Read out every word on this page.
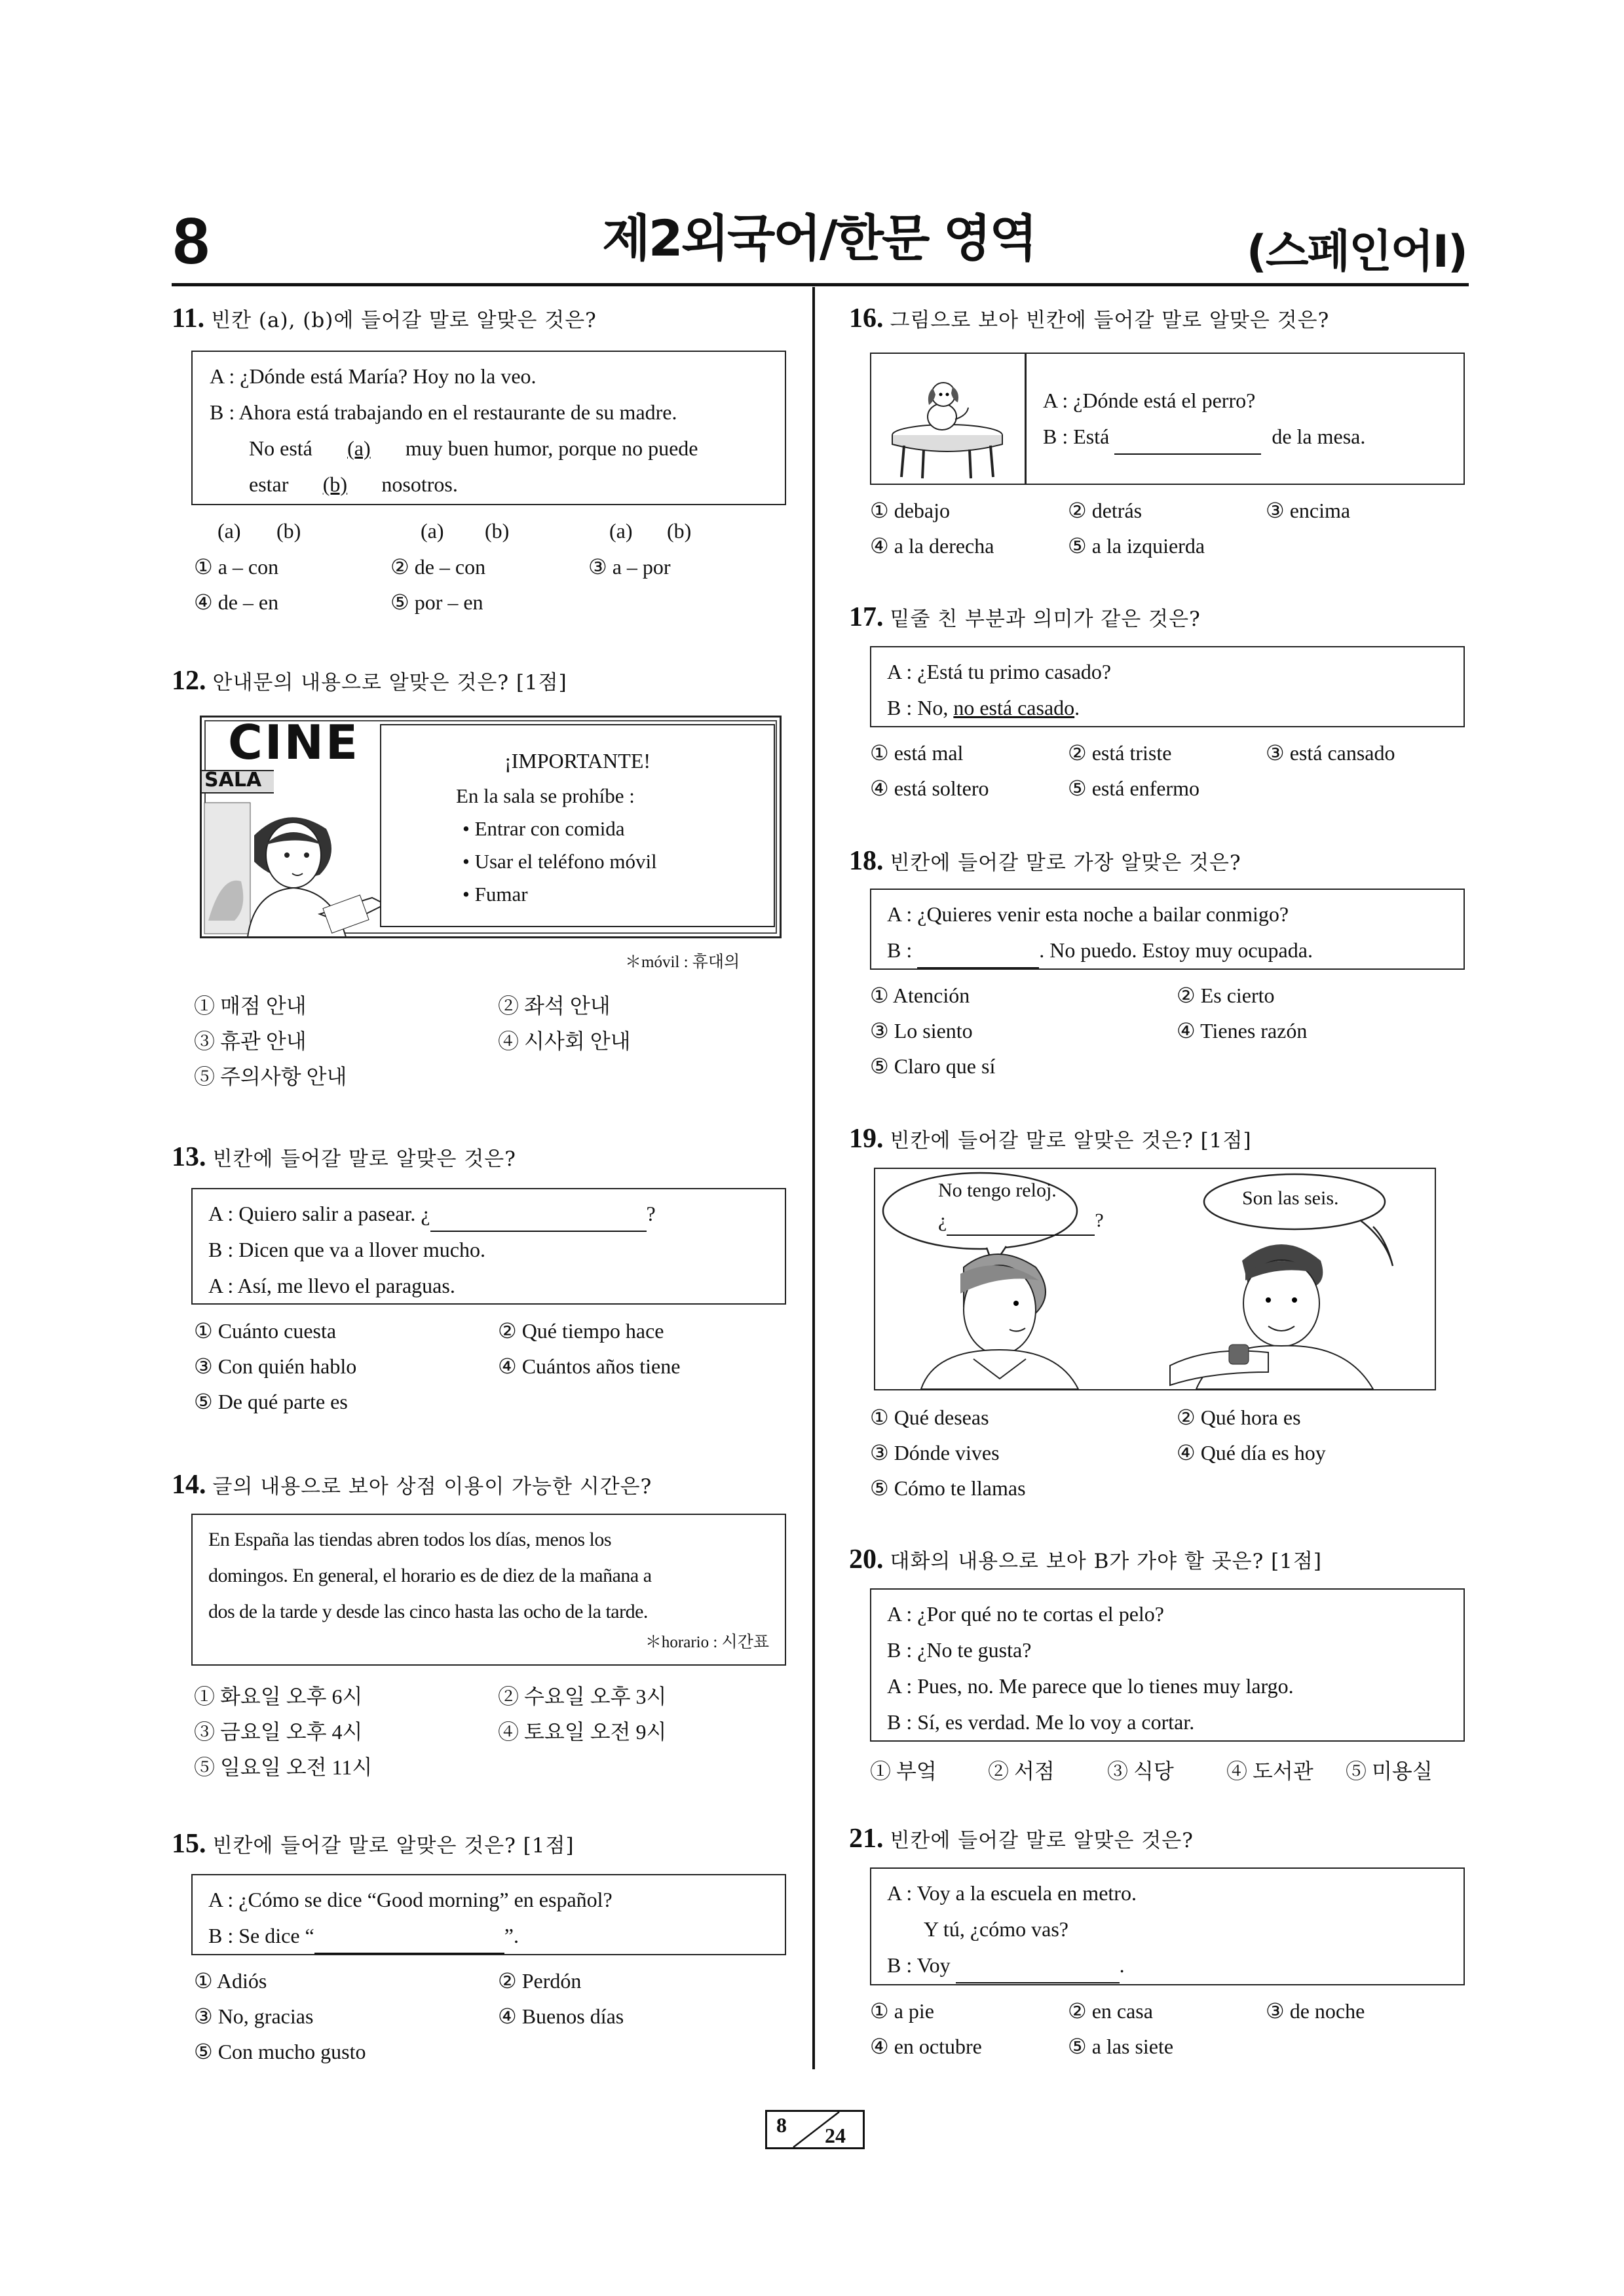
8	제2외국어/한문 영역	(스페인어Ⅰ)
11. 빈칸 (a), (b)에 들어갈 말로 알맞은 것은?
A : ¿Dónde está María? Hoy no la veo.
B : Ahora está trabajando en el restaurante de su madre.
No está (a) muy buen humor, porque no puede
estar (b) nosotros.
(a) (b)	(a) (b)	(a) (b)
① a – con	② de – con	③ a – por
④ de – en	⑤ por – en
12. 안내문의 내용으로 알맞은 것은? [1점]
CINE
SALA
¡IMPORTANTE!
En la sala se prohíbe :
• Entrar con comida
• Usar el teléfono móvil
• Fumar
＊móvil : 휴대의
① 매점 안내	② 좌석 안내
③ 휴관 안내	④ 시사회 안내
⑤ 주의사항 안내
13. 빈칸에 들어갈 말로 알맞은 것은?
A : Quiero salir a pasear. ¿	?
B : Dicen que va a llover mucho.
A : Así, me llevo el paraguas.
① Cuánto cuesta	② Qué tiempo hace
③ Con quién hablo	④ Cuántos años tiene
⑤ De qué parte es
14. 글의 내용으로 보아 상점 이용이 가능한 시간은?
En España las tiendas abren todos los días, menos los
domingos. En general, el horario es de diez de la mañana a
dos de la tarde y desde las cinco hasta las ocho de la tarde.
＊horario : 시간표
① 화요일 오후 6시	② 수요일 오후 3시
③ 금요일 오후 4시	④ 토요일 오전 9시
⑤ 일요일 오전 11시
15. 빈칸에 들어갈 말로 알맞은 것은? [1점]
A : ¿Cómo se dice “Good morning” en español?
B : Se dice “	”.
① Adiós	② Perdón
③ No, gracias	④ Buenos días
⑤ Con mucho gusto
16. 그림으로 보아 빈칸에 들어갈 말로 알맞은 것은?
A : ¿Dónde está el perro?
B : Está	de la mesa.
① debajo	② detrás	③ encima
④ a la derecha	⑤ a la izquierda
17. 밑줄 친 부분과 의미가 같은 것은?
A : ¿Está tu primo casado?
B : No, no está casado.
① está mal	② está triste	③ está cansado
④ está soltero	⑤ está enfermo
18. 빈칸에 들어갈 말로 가장 알맞은 것은?
A : ¿Quieres venir esta noche a bailar conmigo?
B :	. No puedo. Estoy muy ocupada.
① Atención	② Es cierto
③ Lo siento	④ Tienes razón
⑤ Claro que sí
19. 빈칸에 들어갈 말로 알맞은 것은? [1점]
No tengo reloj.
¿	?
Son las seis.
① Qué deseas	② Qué hora es
③ Dónde vives	④ Qué día es hoy
⑤ Cómo te llamas
20. 대화의 내용으로 보아 B가 가야 할 곳은? [1점]
A : ¿Por qué no te cortas el pelo?
B : ¿No te gusta?
A : Pues, no. Me parece que lo tienes muy largo.
B : Sí, es verdad. Me lo voy a cortar.
① 부엌 ② 서점	③ 식당	④ 도서관 ⑤ 미용실
21. 빈칸에 들어갈 말로 알맞은 것은?
A : Voy a la escuela en metro.
Y tú, ¿cómo vas?
B : Voy	.
① a pie	② en casa	③ de noche
④ en octubre	⑤ a las siete
8 24
